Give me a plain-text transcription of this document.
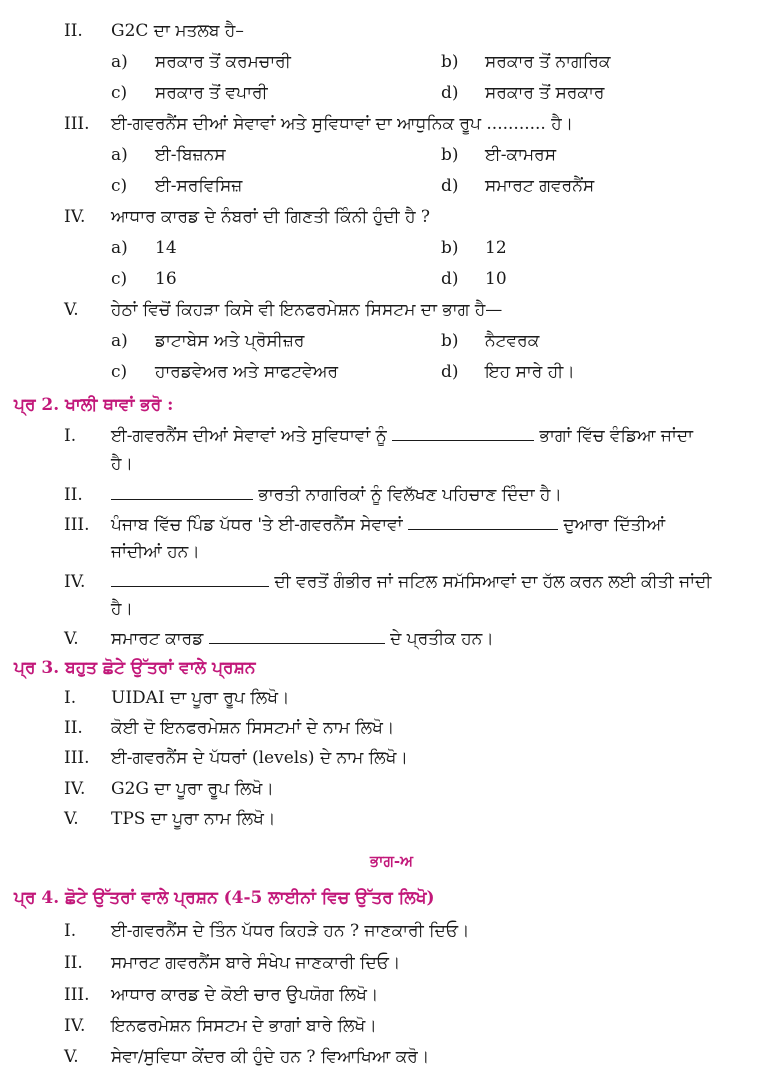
II. G2C ਦਾ ਮਤਲਬ ਹੈ–
a) ਸਰਕਾਰ ਤੋਂ ਕਰਮਚਾਰੀ	b) ਸਰਕਾਰ ਤੋਂ ਨਾਗਰਿਕ
c) ਸਰਕਾਰ ਤੋਂ ਵਪਾਰੀ	d) ਸਰਕਾਰ ਤੋਂ ਸਰਕਾਰ
III. ਈ-ਗਵਰਨੈਂਸ ਦੀਆਂ ਸੇਵਾਵਾਂ ਅਤੇ ਸੁਵਿਧਾਵਾਂ ਦਾ ਆਧੁਨਿਕ ਰੂਪ ........... ਹੈ।
a) ਈ-ਬਿਜ਼ਨਸ	b) ਈ-ਕਾਮਰਸ
c) ਈ-ਸਰਵਿਸਿਜ਼	d) ਸਮਾਰਟ ਗਵਰਨੈਂਸ
IV. ਆਧਾਰ ਕਾਰਡ ਦੇ ਨੰਬਰਾਂ ਦੀ ਗਿਣਤੀ ਕਿੰਨੀ ਹੁੰਦੀ ਹੈ ?
a) 14	b) 12
c) 16	d) 10
V. ਹੇਠਾਂ ਵਿਚੋਂ ਕਿਹੜਾ ਕਿਸੇ ਵੀ ਇਨਫਰਮੇਸ਼ਨ ਸਿਸਟਮ ਦਾ ਭਾਗ ਹੈ—
a) ਡਾਟਾਬੇਸ ਅਤੇ ਪ੍ਰੋਸੀਜ਼ਰ	b) ਨੈਟਵਰਕ
c) ਹਾਰਡਵੇਅਰ ਅਤੇ ਸਾਫਟਵੇਅਰ	d) ਇਹ ਸਾਰੇ ਹੀ।
ਪ੍ਰ 2. ਖਾਲੀ ਥਾਵਾਂ ਭਰੋ :
I. ਈ-ਗਵਰਨੈਂਸ ਦੀਆਂ ਸੇਵਾਵਾਂ ਅਤੇ ਸੁਵਿਧਾਵਾਂ ਨੂੰ	ਭਾਗਾਂ ਵਿੱਚ ਵੰਡਿਆ ਜਾਂਦਾ
ਹੈ।
II.	ਭਾਰਤੀ ਨਾਗਰਿਕਾਂ ਨੂੰ ਵਿਲੱਖਣ ਪਹਿਚਾਣ ਦਿੰਦਾ ਹੈ।
III. ਪੰਜਾਬ ਵਿੱਚ ਪਿੰਡ ਪੱਧਰ 'ਤੇ ਈ-ਗਵਰਨੈਂਸ ਸੇਵਾਵਾਂ	ਦੁਆਰਾ ਦਿੱਤੀਆਂ
ਜਾਂਦੀਆਂ ਹਨ।
IV.	ਦੀ ਵਰਤੋਂ ਗੰਭੀਰ ਜਾਂ ਜਟਿਲ ਸਮੱਸਿਆਵਾਂ ਦਾ ਹੱਲ ਕਰਨ ਲਈ ਕੀਤੀ ਜਾਂਦੀ
ਹੈ।
V. ਸਮਾਰਟ ਕਾਰਡ	ਦੇ ਪ੍ਰਤੀਕ ਹਨ।
ਪ੍ਰ 3. ਬਹੁਤ ਛੋਟੇ ਉੱਤਰਾਂ ਵਾਲੇ ਪ੍ਰਸ਼ਨ
I. UIDAI ਦਾ ਪੂਰਾ ਰੂਪ ਲਿਖੋ।
II. ਕੋਈ ਦੋ ਇਨਫਰਮੇਸ਼ਨ ਸਿਸਟਮਾਂ ਦੇ ਨਾਮ ਲਿਖੋ।
III. ਈ-ਗਵਰਨੈਂਸ ਦੇ ਪੱਧਰਾਂ (levels) ਦੇ ਨਾਮ ਲਿਖੋ।
IV. G2G ਦਾ ਪੂਰਾ ਰੂਪ ਲਿਖੋ।
V. TPS ਦਾ ਪੂਰਾ ਨਾਮ ਲਿਖੋ।
ਭਾਗ-ਅ
ਪ੍ਰ 4. ਛੋਟੇ ਉੱਤਰਾਂ ਵਾਲੇ ਪ੍ਰਸ਼ਨ (4-5 ਲਾਈਨਾਂ ਵਿਚ ਉੱਤਰ ਲਿਖੋ)
I. ਈ-ਗਵਰਨੈਂਸ ਦੇ ਤਿੰਨ ਪੱਧਰ ਕਿਹੜੇ ਹਨ ? ਜਾਣਕਾਰੀ ਦਿਓ।
II. ਸਮਾਰਟ ਗਵਰਨੈਂਸ ਬਾਰੇ ਸੰਖੇਪ ਜਾਣਕਾਰੀ ਦਿਓ।
III. ਆਧਾਰ ਕਾਰਡ ਦੇ ਕੋਈ ਚਾਰ ਉਪਯੋਗ ਲਿਖੋ।
IV. ਇਨਫਰਮੇਸ਼ਨ ਸਿਸਟਮ ਦੇ ਭਾਗਾਂ ਬਾਰੇ ਲਿਖੋ।
V. ਸੇਵਾ/ਸੁਵਿਧਾ ਕੇਂਦਰ ਕੀ ਹੁੰਦੇ ਹਨ ? ਵਿਆਖਿਆ ਕਰੋ।
